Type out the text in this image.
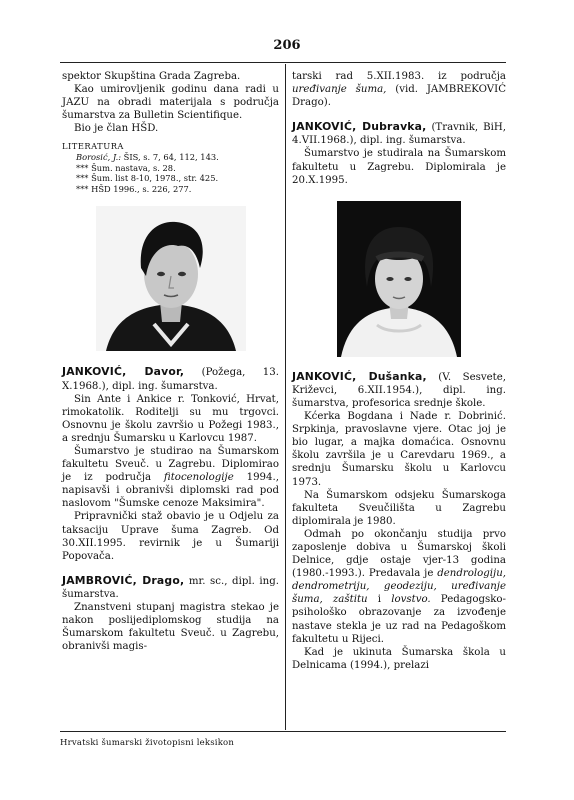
206

spektor Skupština Grada Zagreba.

Kao umirovljenik godinu dana radi u JAZU na obradi materijala s područja šumarstva za Bulletin Scientifique.

Bio je član HŠD.

LITERATURA
Borosić, J.: ŠIS, s. 7, 64, 112, 143.
*** Šum. nastava, s. 28.
*** Šum. list 8-10, 1978., str. 425.
*** HŠD 1996., s. 226, 277.

JANKOVIĆ, Davor, (Požega, 13. X.1968.), dipl. ing. šumarstva.

Sin Ante i Ankice r. Tonković, Hrvat, rimokatolik. Roditelji su mu trgovci. Osnovnu je školu završio u Požegi 1983., a srednju Šumarsku u Karlovcu 1987.

Šumarstvo je studirao na Šumarskom fakultetu Sveuč. u Zagrebu. Diplomirao je iz područja fitocenologije 1994., napisavši i obranivši diplomski rad pod naslovom "Šumske cenoze Maksimira".

Pripravnički staž obavio je u Odjelu za taksaciju Uprave šuma Zagreb. Od 30.XII.1995. revirnik je u Šumariji Popovača.

JAMBROVIĆ, Drago, mr. sc., dipl. ing. šumarstva.

Znanstveni stupanj magistra stekao je nakon poslijediplomskog studija na Šumarskom fakultetu Sveuč. u Zagrebu, obranivši magis-

tarski rad 5.XII.1983. iz područja uređivanje šuma, (vid. JAMBREKOVIĆ Drago).

JANKOVIĆ, Dubravka, (Travnik, BiH, 4.VII.1968.), dipl. ing. šumarstva.

Šumarstvo je studirala na Šumarskom fakultetu u Zagrebu. Diplomirala je 20.X.1995.

JANKOVIĆ, Dušanka, (V. Sesvete, Križevci, 6.XII.1954.), dipl. ing. šumarstva, profesorica srednje škole.

Kćerka Bogdana i Nade r. Dobrinić. Srpkinja, pravoslavne vjere. Otac joj je bio lugar, a majka domaćica. Osnovnu školu završila je u Carevdaru 1969., a srednju Šumarsku školu u Karlovcu 1973.

Na Šumarskom odsjeku Šumarskoga fakulteta Sveučilišta u Zagrebu diplomirala je 1980.

Odmah po okončanju studija prvo zaposlenje dobiva u Šumarskoj školi Delnice, gdje ostaje vjer-13 godina (1980.-1993.). Predavala je dendrologiju, dendrometriju, geodeziju, uređivanje šuma, zaštitu i lovstvo. Pedagogsko-psihološko obrazovanje za izvođenje nastave stekla je uz rad na Pedagoškom fakultetu u Rijeci.

Kad je ukinuta Šumarska škola u Delnicama (1994.), prelazi

Hrvatski šumarski životopisni leksikon
